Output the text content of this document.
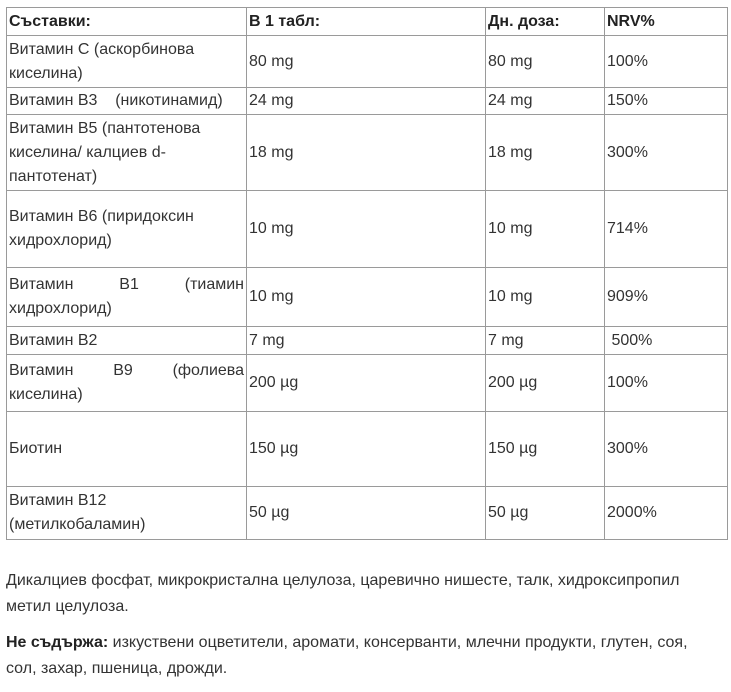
Съставки:	В 1 табл:	Дн. доза:	NRV%
Витамин C (аскорбинова киселина)	80 mg	80 mg	100%
Витамин B3    (никотинамид)	24 mg	24 mg	150%
Витамин B5 (пантотенова киселина/ калциев d-пантотенат)	18 mg	18 mg	300%
Витамин B6 (пиридоксин хидрохлорид)	10 mg	10 mg	714%
Витамин B1 (тиамин хидрохлорид)	10 mg	10 mg	909%
Витамин B2	7 mg	7 mg	500%
Витамин B9 (фолиева киселина)	200 µg	200 µg	100%
Биотин	150 µg	150 µg	300%
Витамин B12 (метилкобаламин)	50 µg	50 µg	2000%

Дикалциев фосфат, микрокристална целулоза, царевично нишесте, талк, хидроксипропил метил целулоза.

Не съдържа: изкуствени оцветители, аромати, консерванти, млечни продукти, глутен, соя, сол, захар, пшеница, дрожди.
